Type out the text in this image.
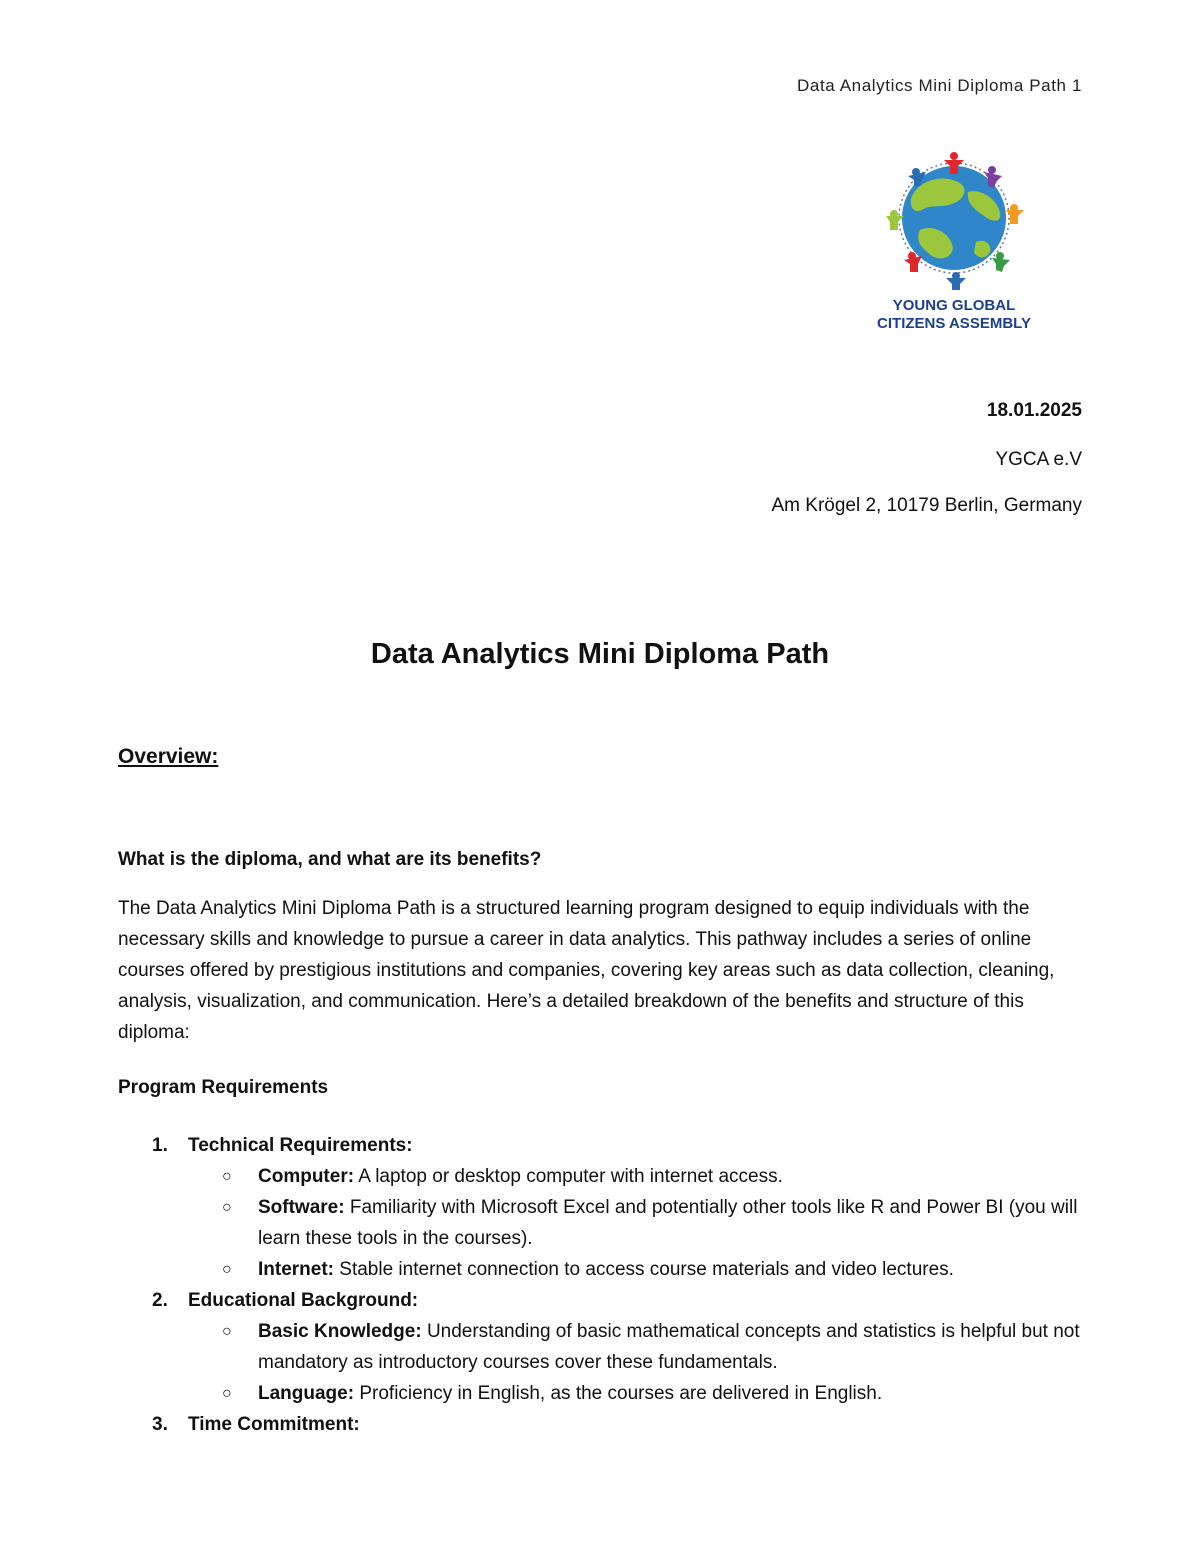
Data Analytics Mini Diploma Path 1
YOUNG GLOBAL
CITIZENS ASSEMBLY
18.01.2025
YGCA e.V
Am Krögel 2, 10179 Berlin, Germany
Data Analytics Mini Diploma Path
Overview:

What is the diploma, and what are its benefits?

The Data Analytics Mini Diploma Path is a structured learning program designed to equip individuals with the necessary skills and knowledge to pursue a career in data analytics. This pathway includes a series of online courses offered by prestigious institutions and companies, covering key areas such as data collection, cleaning, analysis, visualization, and communication. Here’s a detailed breakdown of the benefits and structure of this diploma:

Program Requirements

1.	Technical Requirements:
○	Computer: A laptop or desktop computer with internet access.
○	Software: Familiarity with Microsoft Excel and potentially other tools like R and Power BI (you will learn these tools in the courses).
○	Internet: Stable internet connection to access course materials and video lectures.
2.	Educational Background:
○	Basic Knowledge: Understanding of basic mathematical concepts and statistics is helpful but not mandatory as introductory courses cover these fundamentals.
○	Language: Proficiency in English, as the courses are delivered in English.
3.	Time Commitment:
